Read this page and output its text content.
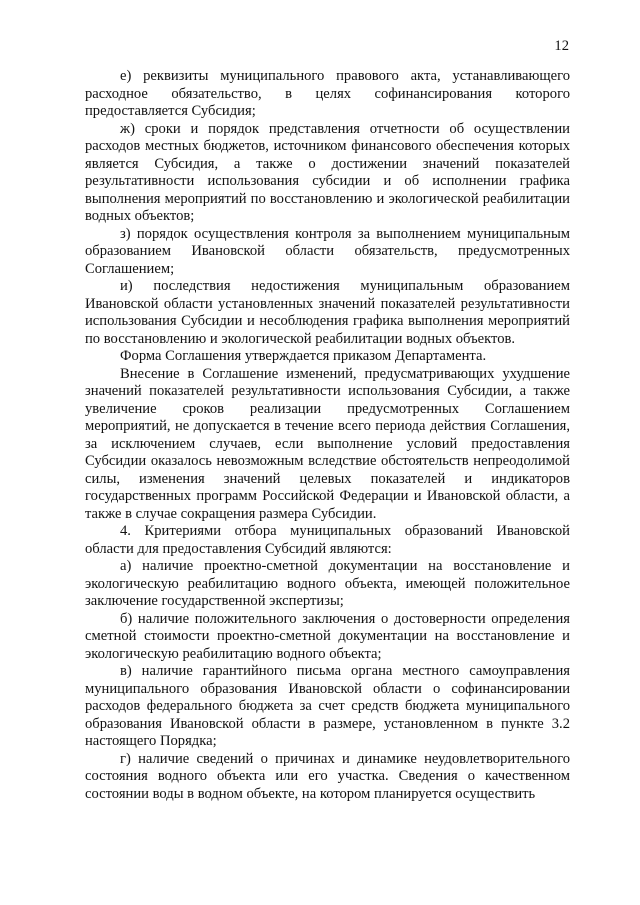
12

е) реквизиты муниципального правового акта, устанавливающего расходное обязательство, в целях софинансирования которого предоставляется Субсидия;

ж) сроки и порядок представления отчетности об осуществлении расходов местных бюджетов, источником финансового обеспечения которых является Субсидия, а также о достижении значений показателей результативности использования субсидии и об исполнении графика выполнения мероприятий по восстановлению и экологической реабилитации водных объектов;

з) порядок осуществления контроля за выполнением муниципальным образованием Ивановской области обязательств, предусмотренных Соглашением;

и) последствия недостижения муниципальным образованием Ивановской области установленных значений показателей результативности использования Субсидии и несоблюдения графика выполнения мероприятий по восстановлению и экологической реабилитации водных объектов.

Форма Соглашения утверждается приказом Департамента.

Внесение в Соглашение изменений, предусматривающих ухудшение значений показателей результативности использования Субсидии, а также увеличение сроков реализации предусмотренных Соглашением мероприятий, не допускается в течение всего периода действия Соглашения, за исключением случаев, если выполнение условий предоставления Субсидии оказалось невозможным вследствие обстоятельств непреодолимой силы, изменения значений целевых показателей и индикаторов государственных программ Российской Федерации и Ивановской области, а также в случае сокращения размера Субсидии.

4. Критериями отбора муниципальных образований Ивановской области для предоставления Субсидий являются:

а) наличие проектно-сметной документации на восстановление и экологическую реабилитацию водного объекта, имеющей положительное заключение государственной экспертизы;

б) наличие положительного заключения о достоверности определения сметной стоимости проектно-сметной документации на восстановление и экологическую реабилитацию водного объекта;

в) наличие гарантийного письма органа местного самоуправления муниципального образования Ивановской области о софинансировании расходов федерального бюджета за счет средств бюджета муниципального образования Ивановской области в размере, установленном в пункте 3.2 настоящего Порядка;

г) наличие сведений о причинах и динамике неудовлетворительного состояния водного объекта или его участка. Сведения о качественном состоянии воды в водном объекте, на котором планируется осуществить
